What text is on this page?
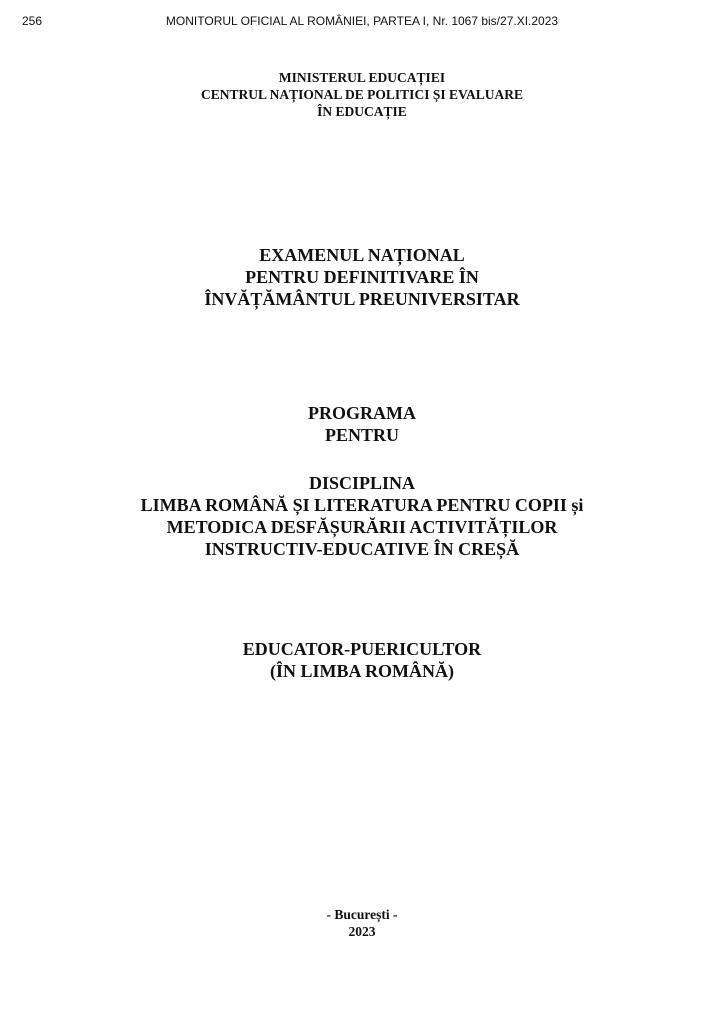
256	MONITORUL OFICIAL AL ROMÂNIEI, PARTEA I, Nr. 1067 bis/27.XI.2023
MINISTERUL EDUCAȚIEI
CENTRUL NAȚIONAL DE POLITICI ȘI EVALUARE
ÎN EDUCAȚIE
EXAMENUL NAȚIONAL
PENTRU DEFINITIVARE ÎN
ÎNVĂȚĂMÂNTUL PREUNIVERSITAR
PROGRAMA
PENTRU
DISCIPLINA
LIMBA ROMÂNĂ ȘI LITERATURA PENTRU COPII și
METODICA DESFĂȘURĂRII ACTIVITĂȚILOR
INSTRUCTIV-EDUCATIVE ÎN CREȘĂ
EDUCATOR-PUERICULTOR
(ÎN LIMBA ROMÂNĂ)
- București -
2023
